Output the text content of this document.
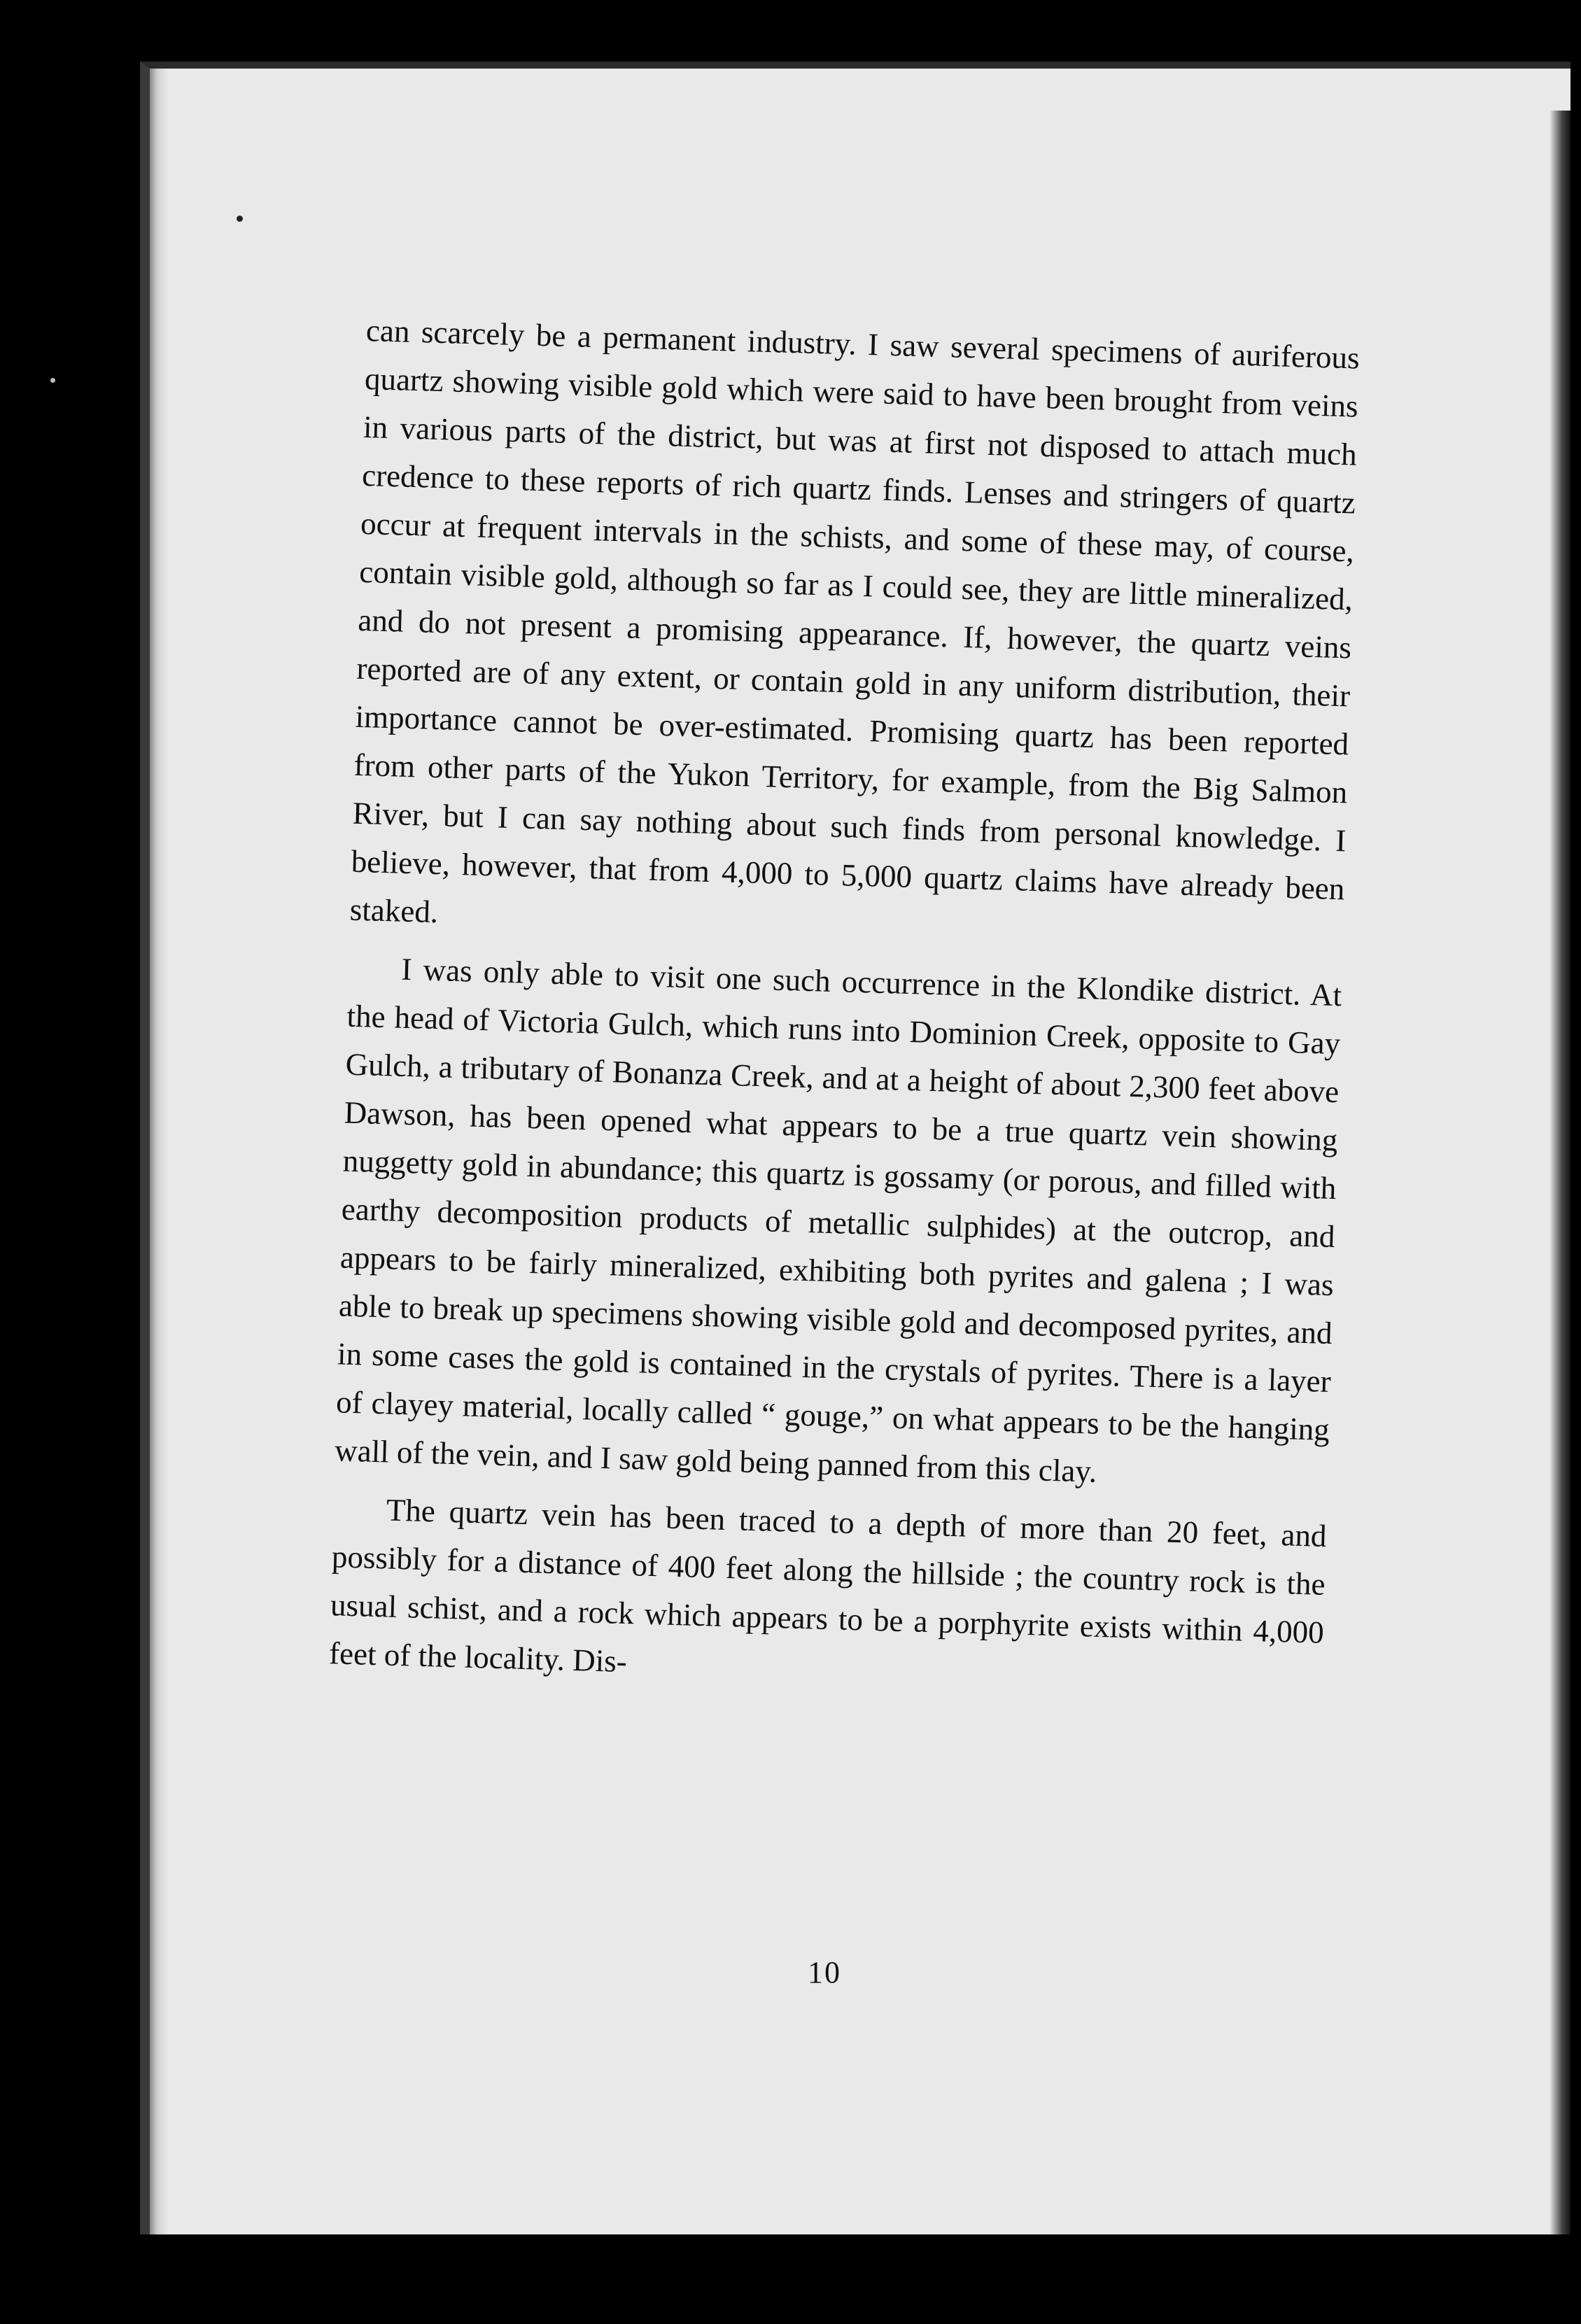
can scarcely be a permanent industry. I saw several specimens of auriferous quartz showing visible gold which were said to have been brought from veins in various parts of the district, but was at first not disposed to attach much credence to these reports of rich quartz finds. Lenses and stringers of quartz occur at frequent intervals in the schists, and some of these may, of course, contain visible gold, although so far as I could see, they are little mineralized, and do not present a promising appearance. If, however, the quartz veins reported are of any extent, or contain gold in any uniform distribution, their importance cannot be over-estimated. Promising quartz has been reported from other parts of the Yukon Territory, for example, from the Big Salmon River, but I can say nothing about such finds from personal knowledge. I believe, however, that from 4,000 to 5,000 quartz claims have already been staked.

I was only able to visit one such occurrence in the Klondike district. At the head of Victoria Gulch, which runs into Dominion Creek, opposite to Gay Gulch, a tributary of Bonanza Creek, and at a height of about 2,300 feet above Dawson, has been opened what appears to be a true quartz vein showing nuggetty gold in abundance; this quartz is gossamy (or porous, and filled with earthy decomposition products of metallic sulphides) at the outcrop, and appears to be fairly mineralized, exhibiting both pyrites and galena ; I was able to break up specimens showing visible gold and decomposed pyrites, and in some cases the gold is contained in the crystals of pyrites. There is a layer of clayey material, locally called “ gouge,” on what appears to be the hanging wall of the vein, and I saw gold being panned from this clay.

The quartz vein has been traced to a depth of more than 20 feet, and possibly for a distance of 400 feet along the hillside ; the country rock is the usual schist, and a rock which appears to be a porphyrite exists within 4,000 feet of the locality. Dis-

10
